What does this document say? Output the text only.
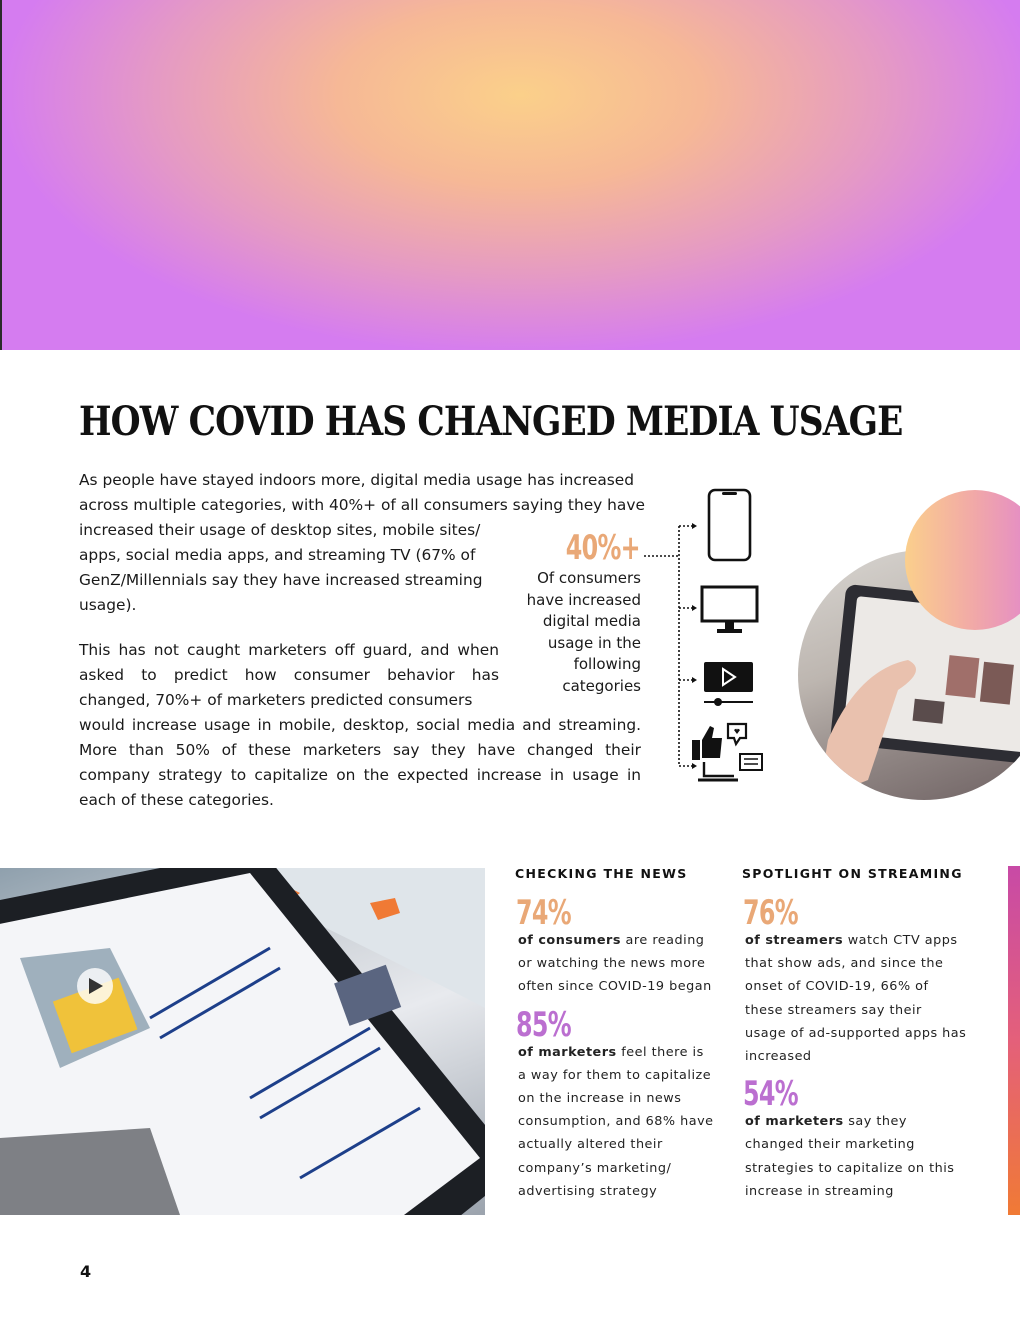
HOW COVID HAS CHANGED MEDIA USAGE

As people have stayed indoors more, digital media usage has increased across multiple categories, with 40%+ of all consumers saying they have

increased their usage of desktop sites, mobile sites/ apps, social media apps, and streaming TV (67% of GenZ/Millennials say they have increased streaming usage).

This has not caught marketers off guard, and when asked to predict how consumer behavior has changed, 70%+ of marketers predicted consumers

would increase usage in mobile, desktop, social media and streaming. More than 50% of these marketers say they have changed their company strategy to capitalize on the expected increase in usage in each of these categories.

40%+
Of consumers have increased digital media usage in the following categories

CHECKING THE NEWS

74%
of consumers are reading or watching the news more often since COVID-19 began
85%
of marketers feel there is a way for them to capitalize on the increase in news consumption, and 68% have actually altered their company’s marketing/ advertising strategy

SPOTLIGHT ON STREAMING

76%
of streamers watch CTV apps that show ads, and since the onset of COVID-19, 66% of these streamers say their usage of ad-supported apps has increased
54%
of marketers say they changed their marketing strategies to capitalize on this increase in streaming
4
